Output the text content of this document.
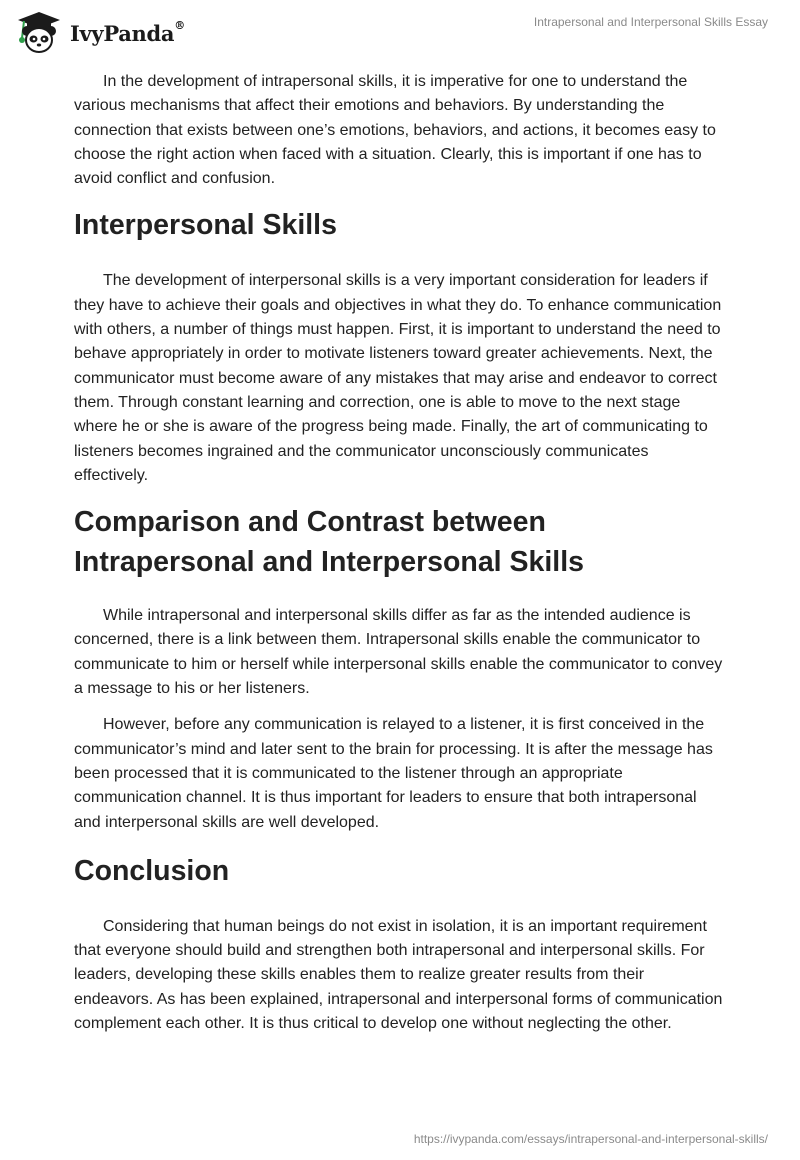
IvyPanda®	Intrapersonal and Interpersonal Skills Essay

In the development of intrapersonal skills, it is imperative for one to understand the various mechanisms that affect their emotions and behaviors. By understanding the connection that exists between one’s emotions, behaviors, and actions, it becomes easy to choose the right action when faced with a situation. Clearly, this is important if one has to avoid conflict and confusion.

Interpersonal Skills

The development of interpersonal skills is a very important consideration for leaders if they have to achieve their goals and objectives in what they do. To enhance communication with others, a number of things must happen. First, it is important to understand the need to behave appropriately in order to motivate listeners toward greater achievements. Next, the communicator must become aware of any mistakes that may arise and endeavor to correct them. Through constant learning and correction, one is able to move to the next stage where he or she is aware of the progress being made. Finally, the art of communicating to listeners becomes ingrained and the communicator unconsciously communicates effectively.

Comparison and Contrast between Intrapersonal and Interpersonal Skills

While intrapersonal and interpersonal skills differ as far as the intended audience is concerned, there is a link between them. Intrapersonal skills enable the communicator to communicate to him or herself while interpersonal skills enable the communicator to convey a message to his or her listeners.

However, before any communication is relayed to a listener, it is first conceived in the communicator’s mind and later sent to the brain for processing. It is after the message has been processed that it is communicated to the listener through an appropriate communication channel. It is thus important for leaders to ensure that both intrapersonal and interpersonal skills are well developed.

Conclusion

Considering that human beings do not exist in isolation, it is an important requirement that everyone should build and strengthen both intrapersonal and interpersonal skills. For leaders, developing these skills enables them to realize greater results from their endeavors. As has been explained, intrapersonal and interpersonal forms of communication complement each other. It is thus critical to develop one without neglecting the other.

https://ivypanda.com/essays/intrapersonal-and-interpersonal-skills/
